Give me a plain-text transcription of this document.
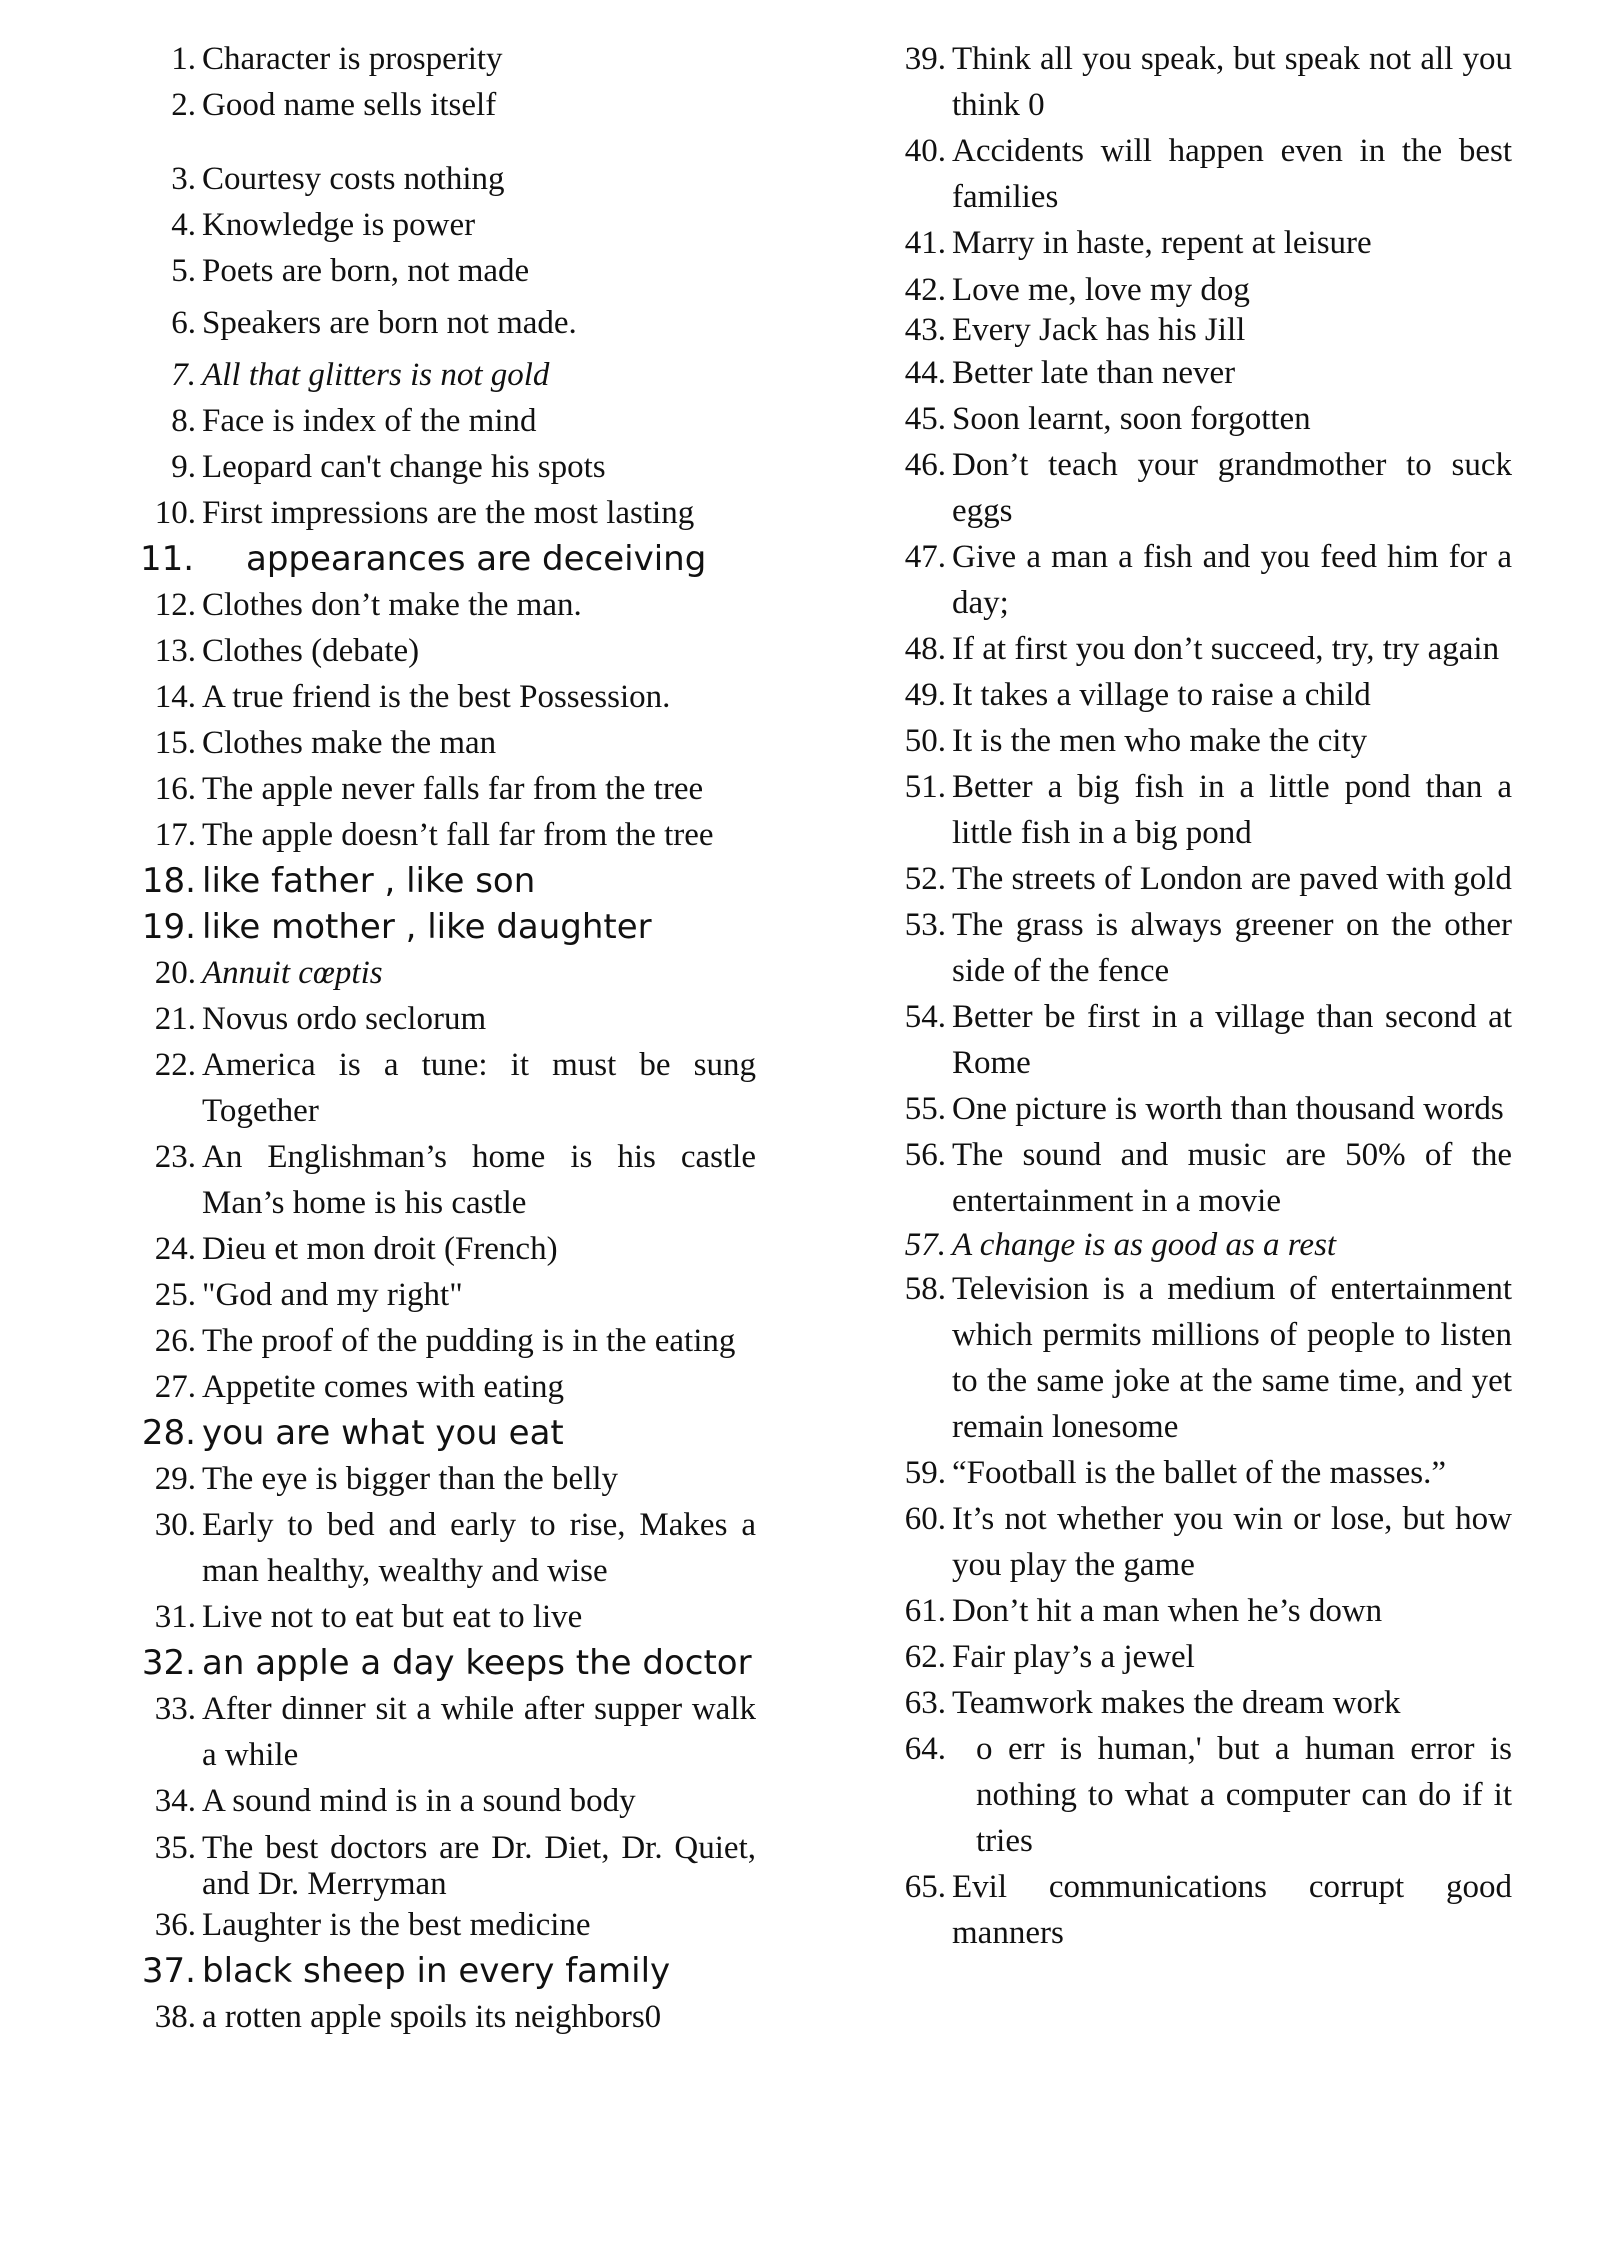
1. Character is prosperity
2. Good name sells itself
3. Courtesy costs nothing
4. Knowledge is power
5. Poets are born, not made
6. Speakers are born not made.
7. All that glitters is not gold
8. Face is index of the mind
9. Leopard can't change his spots
10. First impressions are the most lasting
11.	appearances are deceiving
12. Clothes don’t make the man.
13. Clothes (debate)
14. A true friend is the best Possession.
15. Clothes make the man
16. The apple never falls far from the tree
17. The apple doesn’t fall far from the tree
18. like father , like son
19. like mother , like daughter
20. Annuit cœptis
21. Novus ordo seclorum
22. America is a tune: it must be sung Together
23. An Englishman’s home is his castle Man’s home is his castle
24. Dieu et mon droit (French)
25. "God and my right"
26. The proof of the pudding is in the eating
27. Appetite comes with eating
28. you are what you eat
29. The eye is bigger than the belly
30. Early to bed and early to rise, Makes a man healthy, wealthy and wise
31. Live not to eat but eat to live
32. an apple a day keeps the doctor
33. After dinner sit a while after supper walk a while
34. A sound mind is in a sound body
35. The best doctors are Dr. Diet, Dr. Quiet, and Dr. Merryman
36. Laughter is the best medicine
37. black sheep in every family
38. a rotten apple spoils its neighbors0
39. Think all you speak, but speak not all you think 0
40. Accidents will happen even in the best families
41. Marry in haste, repent at leisure
42. Love me, love my dog
43. Every Jack has his Jill
44. Better late than never
45. Soon learnt, soon forgotten
46. Don’t teach your grandmother to suck eggs
47. Give a man a fish and you feed him for a day;
48. If at first you don’t succeed, try, try again
49. It takes a village to raise a child
50. It is the men who make the city
51. Better a big fish in a little pond than a little fish in a big pond
52. The streets of London are paved with gold
53. The grass is always greener on the other side of the fence
54. Better be first in a village than second at Rome
55. One picture is worth than thousand words
56. The sound and music are 50% of the entertainment in a movie
57. A change is as good as a rest
58. Television is a medium of entertainment which permits millions of people to listen to the same joke at the same time, and yet remain lonesome
59. “Football is the ballet of the masses.”
60. It’s not whether you win or lose, but how you play the game
61. Don’t hit a man when he’s down
62. Fair play’s a jewel
63. Teamwork makes the dream work
64. o err is human,' but a human error is nothing to what a computer can do if it tries
65. Evil communications corrupt good manners
